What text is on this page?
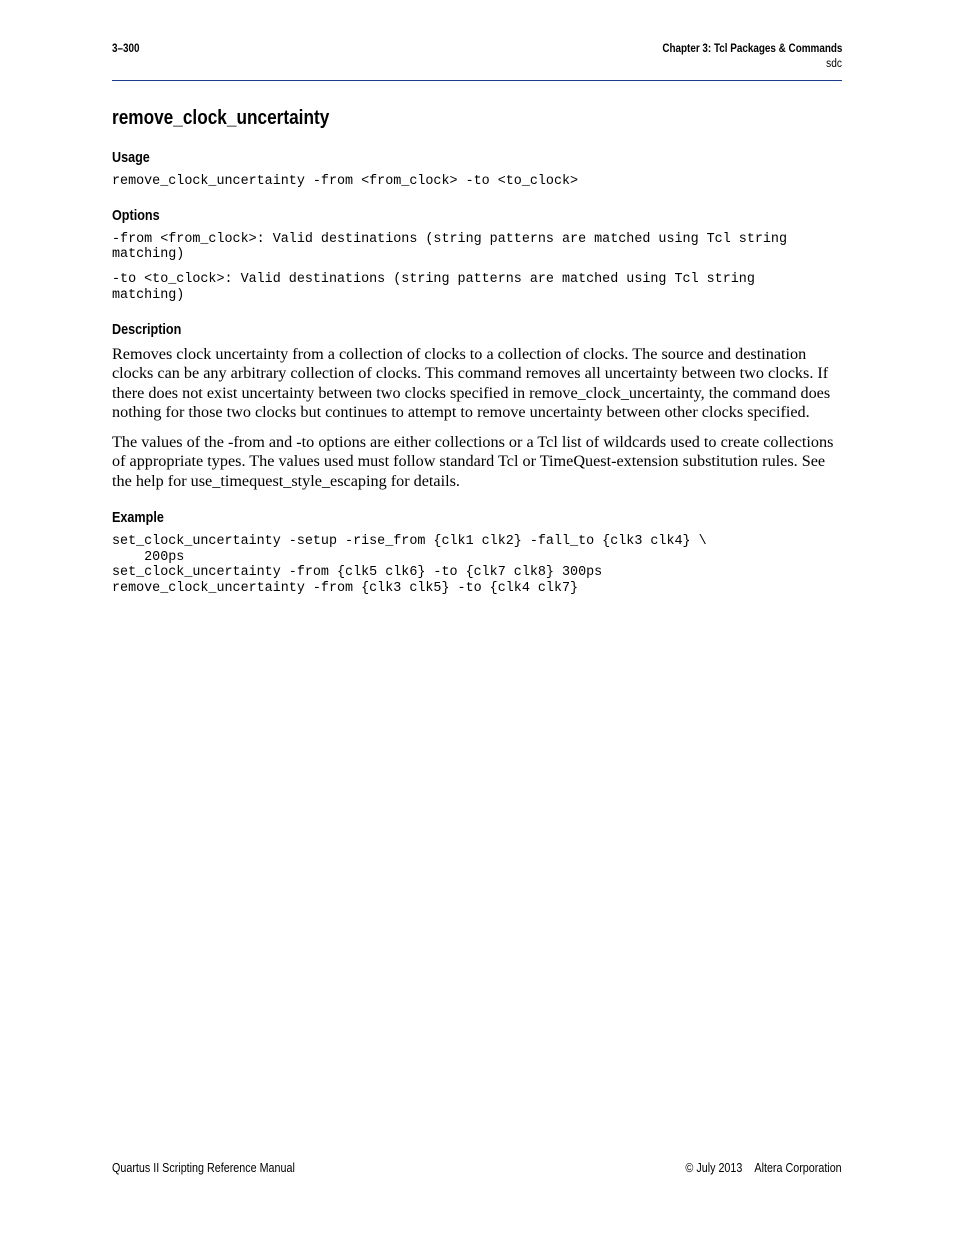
3–300	Chapter 3: Tcl Packages & Commands
sdc
remove_clock_uncertainty
Usage
remove_clock_uncertainty -from <from_clock> -to <to_clock>
Options
-from <from_clock>: Valid destinations (string patterns are matched using Tcl string
matching)
-to <to_clock>: Valid destinations (string patterns are matched using Tcl string
matching)
Description

Removes clock uncertainty from a collection of clocks to a collection of clocks. The source and destination clocks can be any arbitrary collection of clocks. This command removes all uncertainty between two clocks. If there does not exist uncertainty between two clocks specified in remove_clock_uncertainty, the command does nothing for those two clocks but continues to attempt to remove uncertainty between other clocks specified.

The values of the -from and -to options are either collections or a Tcl list of wildcards used to create collections of appropriate types. The values used must follow standard Tcl or TimeQuest-extension substitution rules. See the help for use_timequest_style_escaping for details.

Example
set_clock_uncertainty -setup -rise_from {clk1 clk2} -fall_to {clk3 clk4} \
200ps
set_clock_uncertainty -from {clk5 clk6} -to {clk7 clk8} 300ps
remove_clock_uncertainty -from {clk3 clk5} -to {clk4 clk7}
Quartus II Scripting Reference Manual	© July 2013 Altera Corporation
